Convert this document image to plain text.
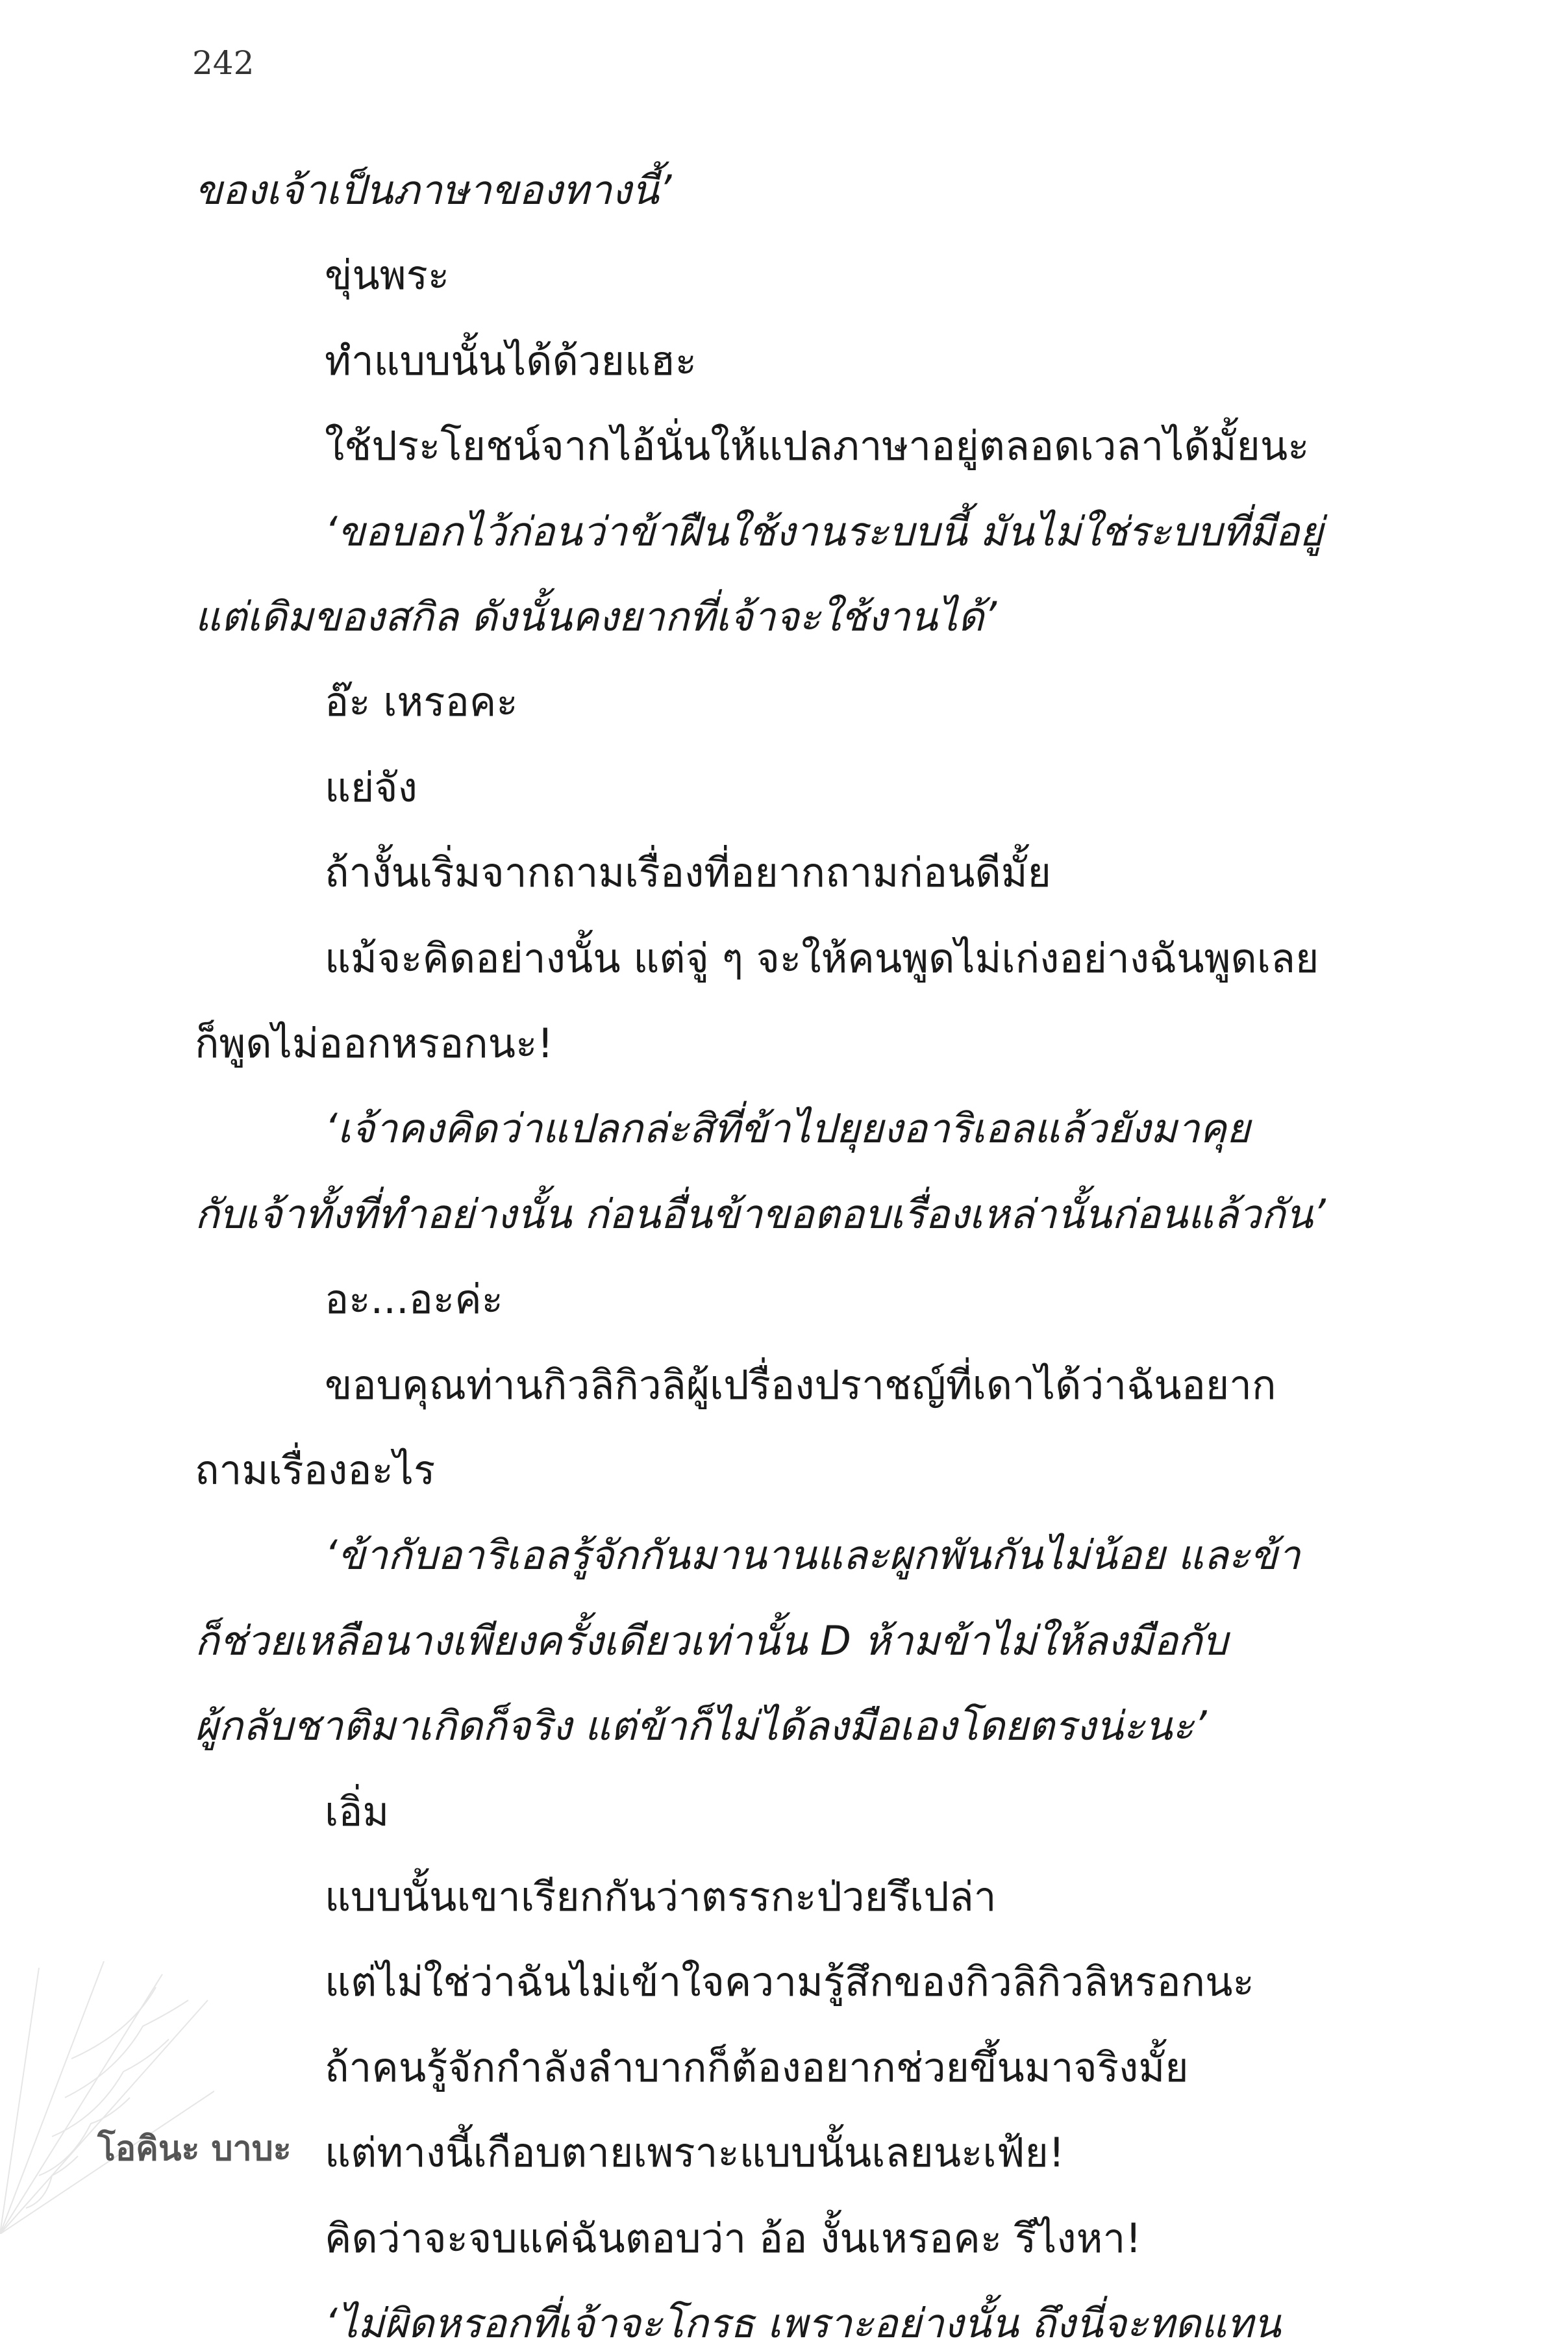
242
ของเจ้าเป็นภาษาของทางนี้’
ขุ่นพระ
ทำแบบนั้นได้ด้วยแฮะ
ใช้ประโยชน์จากไอ้นั่นให้แปลภาษาอยู่ตลอดเวลาได้มั้ยนะ
‘ขอบอกไว้ก่อนว่าข้าฝืนใช้งานระบบนี้ มันไม่ใช่ระบบที่มีอยู่
แต่เดิมของสกิล ดังนั้นคงยากที่เจ้าจะใช้งานได้’
อ๊ะ เหรอคะ
แย่จัง
ถ้างั้นเริ่มจากถามเรื่องที่อยากถามก่อนดีมั้ย
แม้จะคิดอย่างนั้น แต่จู่ ๆ จะให้คนพูดไม่เก่งอย่างฉันพูดเลย
ก็พูดไม่ออกหรอกนะ!
‘เจ้าคงคิดว่าแปลกล่ะสิที่ข้าไปยุยงอาริเอลแล้วยังมาคุย
กับเจ้าทั้งที่ทำอย่างนั้น ก่อนอื่นข้าขอตอบเรื่องเหล่านั้นก่อนแล้วกัน’
อะ...อะค่ะ
ขอบคุณท่านกิวลิกิวลิผู้เปรื่องปราชญ์ที่เดาได้ว่าฉันอยาก
ถามเรื่องอะไร
‘ข้ากับอาริเอลรู้จักกันมานานและผูกพันกันไม่น้อย และข้า
ก็ช่วยเหลือนางเพียงครั้งเดียวเท่านั้น D ห้ามข้าไม่ให้ลงมือกับ
ผู้กลับชาติมาเกิดก็จริง แต่ข้าก็ไม่ได้ลงมือเองโดยตรงน่ะนะ’
เอิ่ม
แบบนั้นเขาเรียกกันว่าตรรกะป่วยรึเปล่า
แต่ไม่ใช่ว่าฉันไม่เข้าใจความรู้สึกของกิวลิกิวลิหรอกนะ
ถ้าคนรู้จักกำลังลำบากก็ต้องอยากช่วยขึ้นมาจริงมั้ย
แต่ทางนี้เกือบตายเพราะแบบนั้นเลยนะเฟ้ย!
คิดว่าจะจบแค่ฉันตอบว่า อ้อ งั้นเหรอคะ รึไงหา!
‘ไม่ผิดหรอกที่เจ้าจะโกรธ เพราะอย่างนั้น ถึงนี่จะทดแทน
โอคินะ บาบะ
